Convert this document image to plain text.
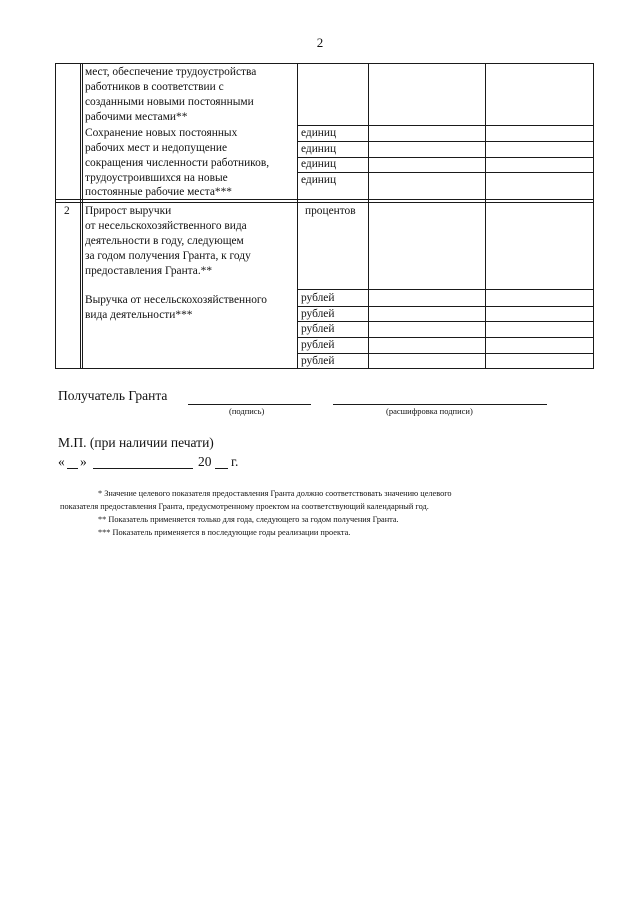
2
мест, обеспечение трудоустройства
работников в соответствии с
созданными новыми постоянными
рабочими местами**
Сохранение новых постоянных
рабочих мест и недопущение
сокращения численности работников,
трудоустроившихся на новые
постоянные рабочие места***
единиц
единиц
единиц
единиц
2 Прирост выручки
от несельскохозяйственного вида
деятельности в году, следующем
за годом получения Гранта, к году
предоставления Гранта.**
процентов
Выручка от несельскохозяйственного
вида деятельности***
рублей
рублей
рублей
рублей
рублей
Получатель Гранта
(подпись)	(расшифровка подписи)
М.П. (при наличии печати)
« »	20 г.
* Значение целевого показателя предоставления Гранта должно соответствовать значению целевого
показателя предоставления Гранта, предусмотренному проектом на соответствующий календарный год.
** Показатель применяется только для года, следующего за годом получения Гранта.
*** Показатель применяется в последующие годы реализации проекта.
